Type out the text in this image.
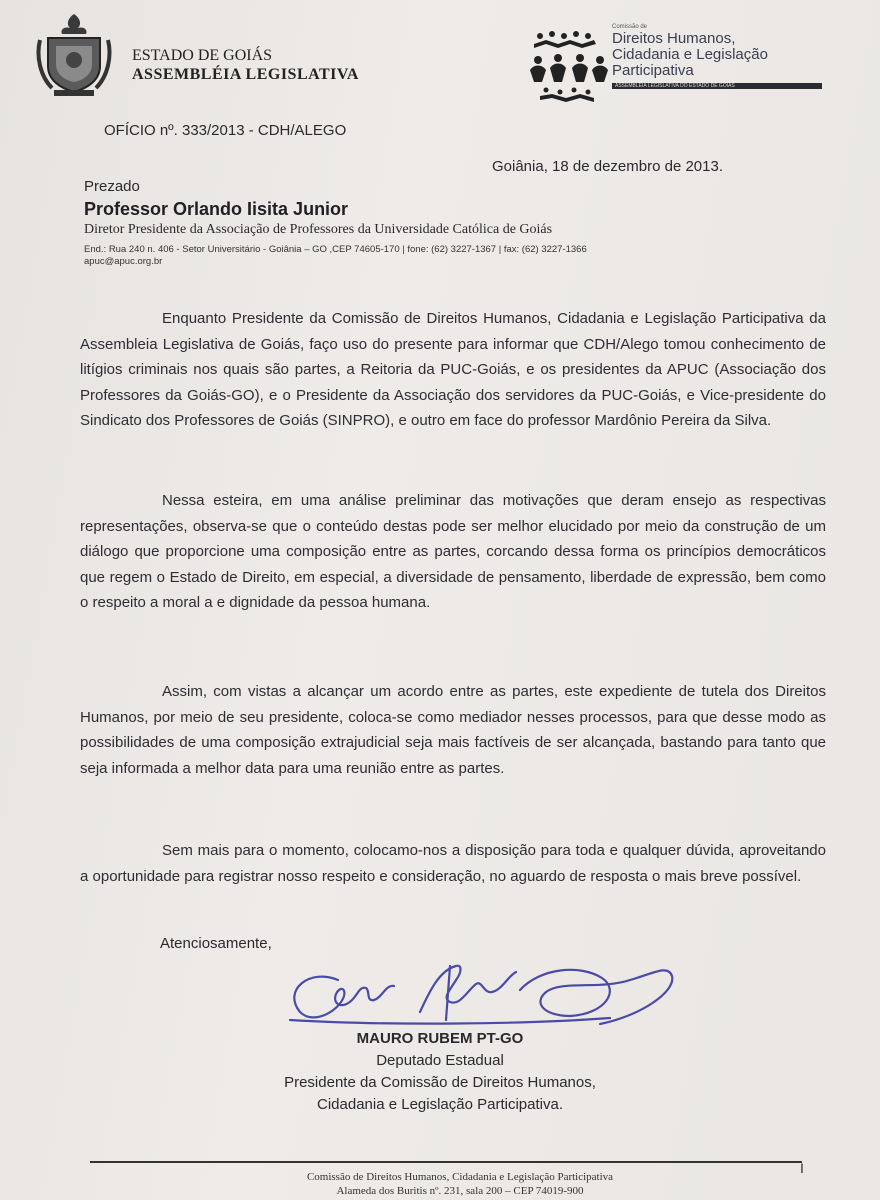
ESTADO DE GOIÁS
ASSEMBLÉIA LEGISLATIVA
Comissão de
Direitos Humanos,
Cidadania e Legislação
Participativa
ASSEMBLEIA LEGISLATIVA DO ESTADO DE GOIÁS
OFÍCIO nº. 333/2013 - CDH/ALEGO
Goiânia, 18 de dezembro de 2013.
Prezado
Professor Orlando Iisita Junior
Diretor Presidente da Associação de Professores da Universidade Católica de Goiás
End.: Rua 240 n. 406 - Setor Universitário - Goiânia – GO ,CEP 74605-170 | fone: (62) 3227-1367 | fax: (62) 3227-1366
apuc@apuc.org.br

Enquanto Presidente da Comissão de Direitos Humanos, Cidadania e Legislação Participativa da Assembleia Legislativa de Goiás, faço uso do presente para informar que CDH/Alego tomou conhecimento de litígios criminais nos quais são partes, a Reitoria da PUC-Goiás, e os presidentes da APUC (Associação dos Professores da Goiás-GO), e o Presidente da Associação dos servidores da PUC-Goiás, e Vice-presidente do Sindicato dos Professores de Goiás (SINPRO), e outro em face do professor Mardônio Pereira da Silva.

Nessa esteira, em uma análise preliminar das motivações que deram ensejo as respectivas representações, observa-se que o conteúdo destas pode ser melhor elucidado por meio da construção de um diálogo que proporcione uma composição entre as partes, corcando dessa forma os princípios democráticos que regem o Estado de Direito, em especial, a diversidade de pensamento, liberdade de expressão, bem como o respeito a moral a e dignidade da pessoa humana.

Assim, com vistas a alcançar um acordo entre as partes, este expediente de tutela dos Direitos Humanos, por meio de seu presidente, coloca-se como mediador nesses processos, para que desse modo as possibilidades de uma composição extrajudicial seja mais factíveis de ser alcançada, bastando para tanto que seja informada a melhor data para uma reunião entre as partes.

Sem mais para o momento, colocamo-nos a disposição para toda e qualquer dúvida, aproveitando a oportunidade para registrar nosso respeito e consideração, no aguardo de resposta o mais breve possível.

Atenciosamente,
MAURO RUBEM PT-GO
Deputado Estadual
Presidente da Comissão de Direitos Humanos,
Cidadania e Legislação Participativa.
I
Comissão de Direitos Humanos, Cidadania e Legislação Participativa
Alameda dos Buritis nº. 231, sala 200 – CEP 74019-900
